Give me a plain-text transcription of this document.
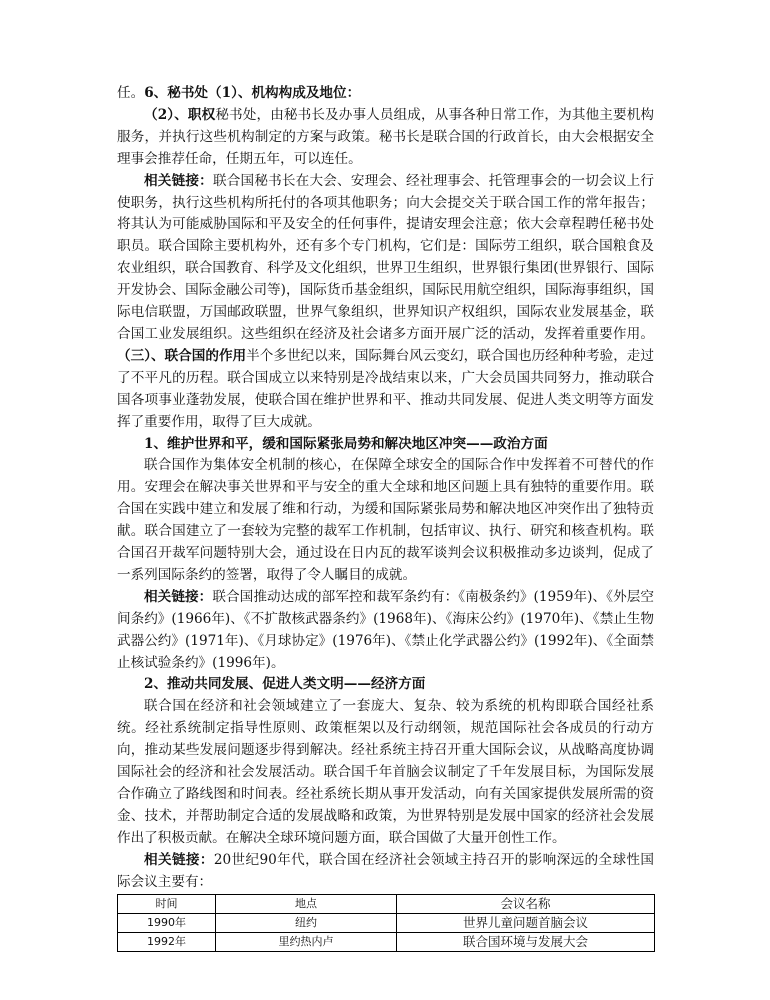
任。6、秘书处（1）、机构构成及地位：

（2）、职权秘书处，由秘书长及办事人员组成，从事各种日常工作，为其他主要机构服务，并执行这些机构制定的方案与政策。秘书长是联合国的行政首长，由大会根据安全理事会推荐任命，任期五年，可以连任。

相关链接：联合国秘书长在大会、安理会、经社理事会、托管理事会的一切会议上行使职务，执行这些机构所托付的各项其他职务；向大会提交关于联合国工作的常年报告；将其认为可能威胁国际和平及安全的任何事件，提请安理会注意；依大会章程聘任秘书处职员。联合国除主要机构外，还有多个专门机构，它们是：国际劳工组织，联合国粮食及农业组织，联合国教育、科学及文化组织，世界卫生组织，世界银行集团(世界银行、国际开发协会、国际金融公司等)，国际货币基金组织，国际民用航空组织，国际海事组织，国际电信联盟，万国邮政联盟，世界气象组织，世界知识产权组织，国际农业发展基金，联合国工业发展组织。这些组织在经济及社会诸多方面开展广泛的活动，发挥着重要作用。（三）、联合国的作用半个多世纪以来，国际舞台风云变幻，联合国也历经种种考验，走过了不平凡的历程。联合国成立以来特别是冷战结束以来，广大会员国共同努力，推动联合国各项事业蓬勃发展，使联合国在维护世界和平、推动共同发展、促进人类文明等方面发挥了重要作用，取得了巨大成就。

1、维护世界和平，缓和国际紧张局势和解决地区冲突——政治方面

联合国作为集体安全机制的核心，在保障全球安全的国际合作中发挥着不可替代的作用。安理会在解决事关世界和平与安全的重大全球和地区问题上具有独特的重要作用。联合国在实践中建立和发展了维和行动，为缓和国际紧张局势和解决地区冲突作出了独特贡献。联合国建立了一套较为完整的裁军工作机制，包括审议、执行、研究和核查机构。联合国召开裁军问题特别大会，通过设在日内瓦的裁军谈判会议积极推动多边谈判，促成了一系列国际条约的签署，取得了令人瞩目的成就。

相关链接：联合国推动达成的部军控和裁军条约有：《南极条约》(1959年)、《外层空间条约》(1966年)、《不扩散核武器条约》(1968年)、《海床公约》(1970年)、《禁止生物武器公约》(1971年)、《月球协定》(1976年)、《禁止化学武器公约》(1992年)、《全面禁止核试验条约》(1996年)。

2、推动共同发展、促进人类文明——经济方面

联合国在经济和社会领域建立了一套庞大、复杂、较为系统的机构即联合国经社系统。经社系统制定指导性原则、政策框架以及行动纲领，规范国际社会各成员的行动方向，推动某些发展问题逐步得到解决。经社系统主持召开重大国际会议，从战略高度协调国际社会的经济和社会发展活动。联合国千年首脑会议制定了千年发展目标，为国际发展合作确立了路线图和时间表。经社系统长期从事开发活动，向有关国家提供发展所需的资金、技术，并帮助制定合适的发展战略和政策，为世界特别是发展中国家的经济社会发展作出了积极贡献。在解决全球环境问题方面，联合国做了大量开创性工作。

相关链接：20世纪90年代，联合国在经济社会领域主持召开的影响深远的全球性国际会议主要有：

时间	地点	会议名称
1990年	纽约	世界儿童问题首脑会议
1992年	里约热内卢	联合国环境与发展大会
